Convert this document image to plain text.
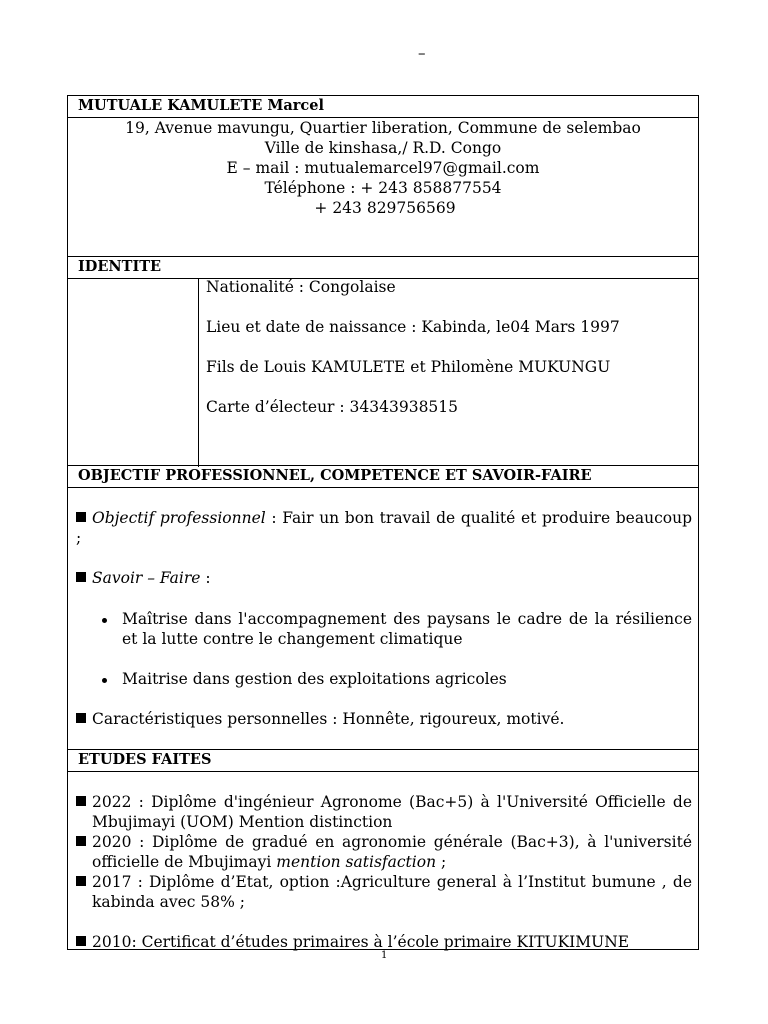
–
MUTUALE KAMULETE Marcel
19, Avenue mavungu, Quartier liberation, Commune de selembao
Ville de kinshasa,/ R.D. Congo
E – mail : mutualemarcel97@gmail.com
Téléphone : + 243 858877554
+ 243 829756569
IDENTITE
Nationalité : Congolaise
Lieu et date de naissance : Kabinda, le04 Mars 1997
Fils de Louis KAMULETE et Philomène MUKUNGU
Carte d’électeur : 34343938515
OBJECTIF PROFESSIONNEL, COMPETENCE ET SAVOIR-FAIRE
Objectif professionnel : Fair un bon travail de qualité et produire beaucoup ;
Savoir – Faire :
Maîtrise dans l'accompagnement des paysans le cadre de la résilience et la lutte contre le changement climatique
Maitrise dans gestion des exploitations agricoles
Caractéristiques personnelles : Honnête, rigoureux, motivé.
ETUDES FAITES
2022 : Diplôme d'ingénieur Agronome (Bac+5) à l'Université Officielle de Mbujimayi (UOM) Mention distinction
2020 : Diplôme de gradué en agronomie générale (Bac+3), à l'université officielle de Mbujimayi mention satisfaction ;
2017 : Diplôme d’Etat, option :Agriculture general à l’Institut bumune , de kabinda avec 58% ;
2010: Certificat d’études primaires à l’école primaire KITUKIMUNE
1
